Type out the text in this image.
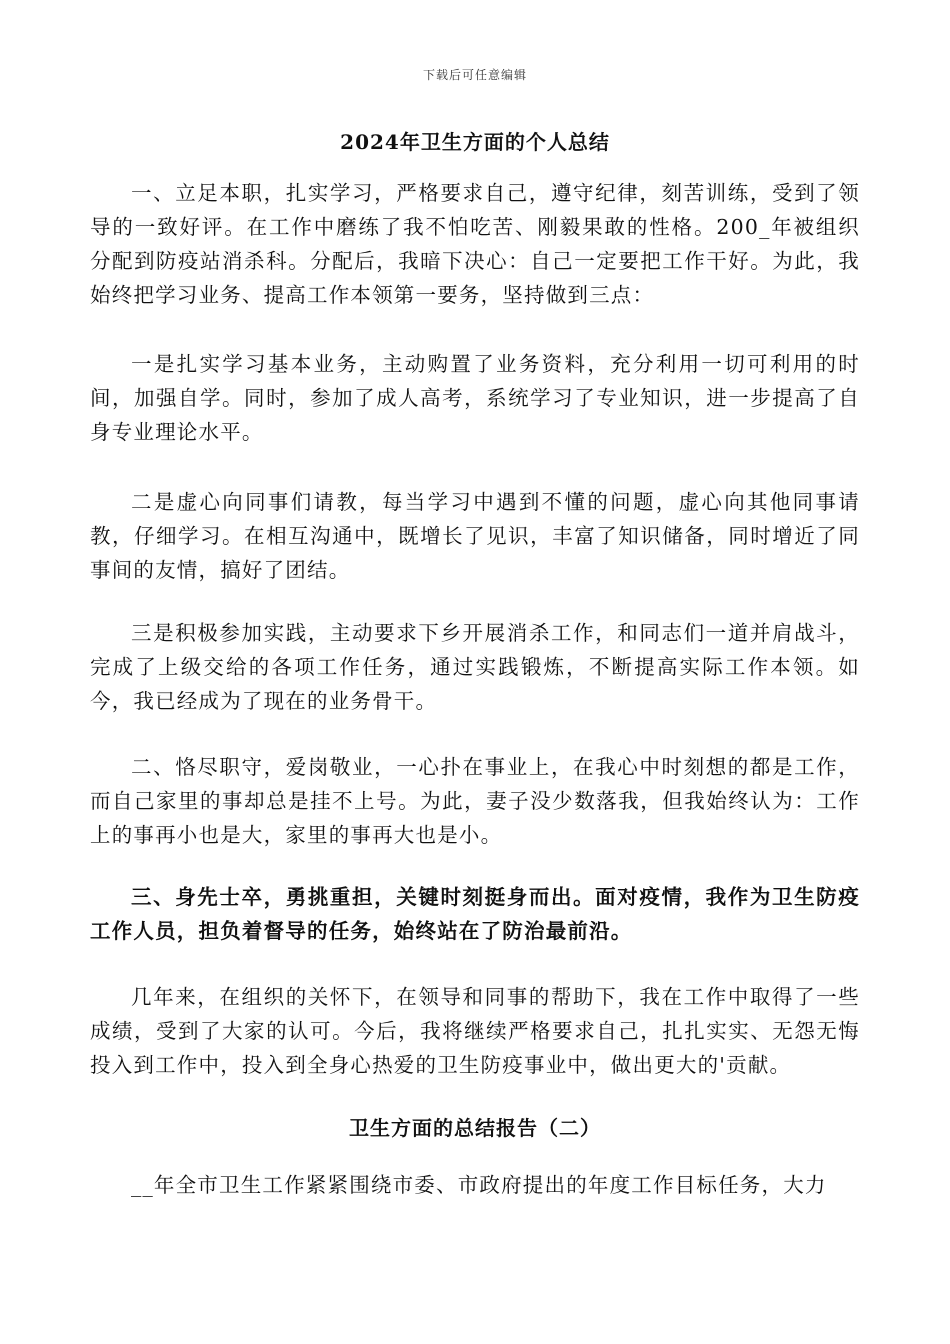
下载后可任意编辑
2024年卫生方面的个人总结

一、立足本职，扎实学习，严格要求自己，遵守纪律，刻苦训练，受到了领导的一致好评。在工作中磨练了我不怕吃苦、刚毅果敢的性格。200_年被组织分配到防疫站消杀科。分配后，我暗下决心：自己一定要把工作干好。为此，我始终把学习业务、提高工作本领第一要务，坚持做到三点：

一是扎实学习基本业务，主动购置了业务资料，充分利用一切可利用的时间，加强自学。同时，参加了成人高考，系统学习了专业知识，进一步提高了自身专业理论水平。

二是虚心向同事们请教，每当学习中遇到不懂的问题，虚心向其他同事请教，仔细学习。在相互沟通中，既增长了见识，丰富了知识储备，同时增近了同事间的友情，搞好了团结。

三是积极参加实践，主动要求下乡开展消杀工作，和同志们一道并肩战斗，完成了上级交给的各项工作任务，通过实践锻炼，不断提高实际工作本领。如今，我已经成为了现在的业务骨干。

二、恪尽职守，爱岗敬业，一心扑在事业上，在我心中时刻想的都是工作，而自己家里的事却总是挂不上号。为此，妻子没少数落我，但我始终认为：工作上的事再小也是大，家里的事再大也是小。

三、身先士卒，勇挑重担，关键时刻挺身而出。面对疫情，我作为卫生防疫工作人员，担负着督导的任务，始终站在了防治最前沿。

几年来，在组织的关怀下，在领导和同事的帮助下，我在工作中取得了一些成绩，受到了大家的认可。今后，我将继续严格要求自己，扎扎实实、无怨无悔投入到工作中，投入到全身心热爱的卫生防疫事业中，做出更大的'贡献。

卫生方面的总结报告（二）

__年全市卫生工作紧紧围绕市委、市政府提出的年度工作目标任务，大力
